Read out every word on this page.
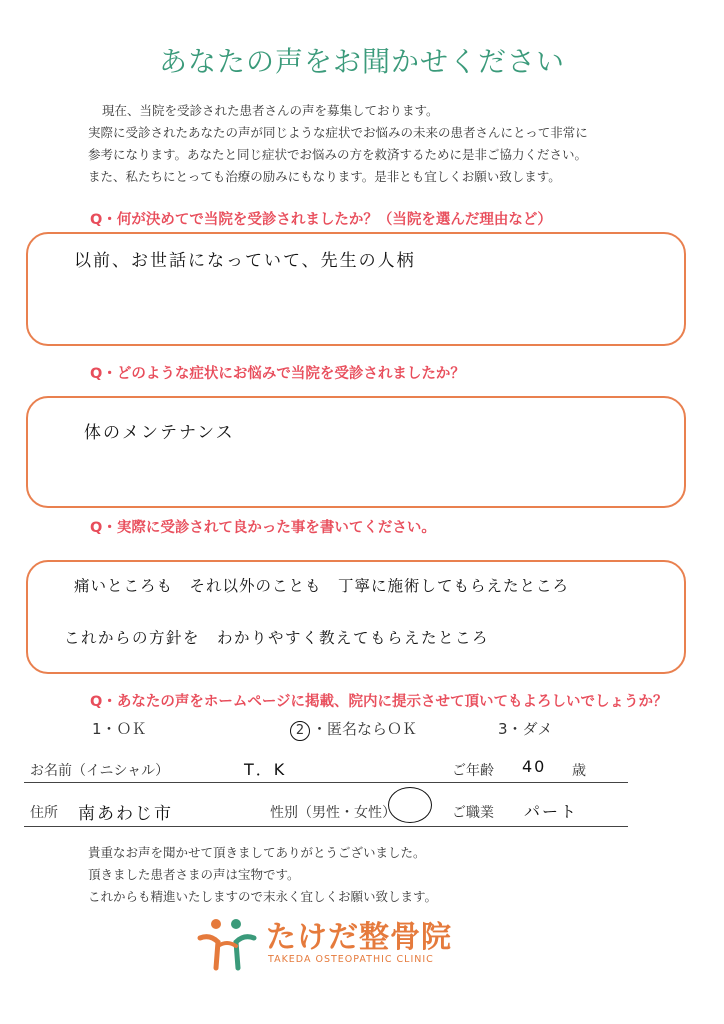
あなたの声をお聞かせください

現在、当院を受診された患者さんの声を募集しております。

実際に受診されたあなたの声が同じような症状でお悩みの未来の患者さんにとって非常に

参考になります。あなたと同じ症状でお悩みの方を救済するために是非ご協力ください。

また、私たちにとっても治療の励みにもなります。是非とも宜しくお願い致します。

Q・何が決めてで当院を受診されましたか？（当院を選んだ理由など）
以前、お世話になっていて、先生の人柄
Q・どのような症状にお悩みで当院を受診されましたか？
体のメンテナンス
Q・実際に受診されて良かった事を書いてください。
痛いところも　それ以外のことも　丁寧に施術してもらえたところ
これからの方針を　わかりやすく教えてもらえたところ
Q・あなたの声をホームページに掲載、院内に提示させて頂いてもよろしいでしょうか？
1・ＯＫ	2 ・匿名ならＯＫ	3・ダメ
お名前（イニシャル）	T．K	ご年齢 40 歳
住所 南あわじ市	性別（男性・女性）	ご職業 パート

貴重なお声を聞かせて頂きましてありがとうございました。

頂きました患者さまの声は宝物です。

これからも精進いたしますので末永く宜しくお願い致します。

たけだ整骨院
TAKEDA OSTEOPATHIC CLINIC
